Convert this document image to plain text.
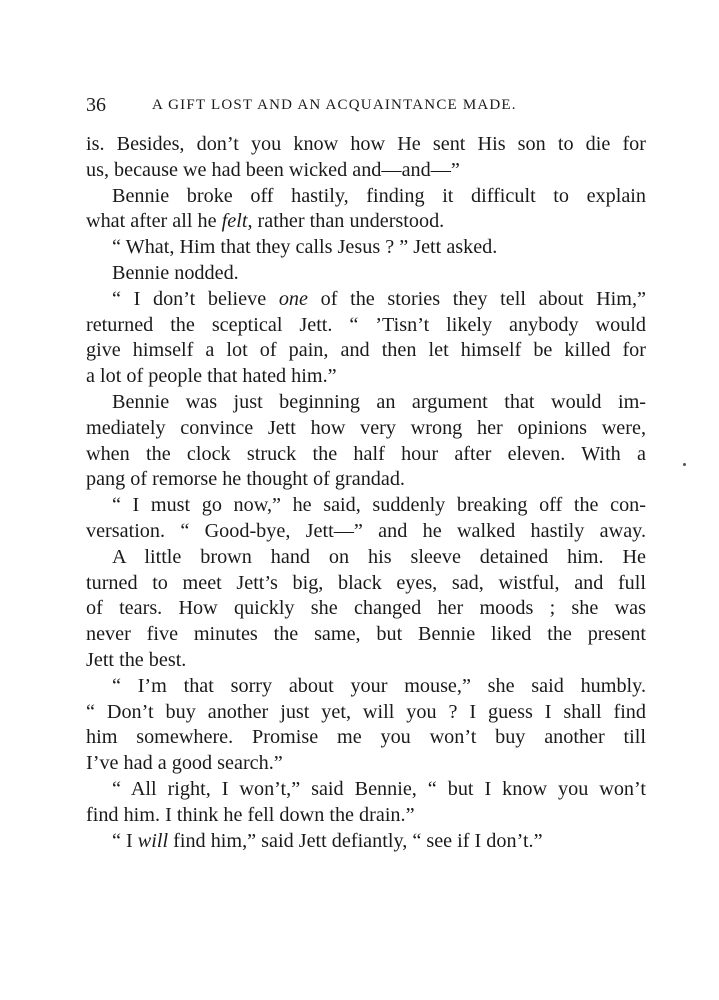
36	A GIFT LOST AND AN ACQUAINTANCE MADE.
is. Besides, don’t you know how He sent His son to die for
us, because we had been wicked and—and—”
Bennie broke off hastily, finding it difficult to explain
what after all he felt, rather than understood.
“ What, Him that they calls Jesus ? ” Jett asked.
Bennie nodded.
“ I don’t believe one of the stories they tell about Him,”
returned the sceptical Jett. “ ’Tisn’t likely anybody would
give himself a lot of pain, and then let himself be killed for
a lot of people that hated him.”
Bennie was just beginning an argument that would im-
mediately convince Jett how very wrong her opinions were,
when the clock struck the half hour after eleven. With a
pang of remorse he thought of grandad.
“ I must go now,” he said, suddenly breaking off the con-
versation. “ Good-bye, Jett—” and he walked hastily away.
A little brown hand on his sleeve detained him. He
turned to meet Jett’s big, black eyes, sad, wistful, and full
of tears. How quickly she changed her moods ; she was
never five minutes the same, but Bennie liked the present
Jett the best.
“ I’m that sorry about your mouse,” she said humbly.
“ Don’t buy another just yet, will you ? I guess I shall find
him somewhere. Promise me you won’t buy another till
I’ve had a good search.”
“ All right, I won’t,” said Bennie, “ but I know you won’t
find him. I think he fell down the drain.”
“ I will find him,” said Jett defiantly, “ see if I don’t.”
